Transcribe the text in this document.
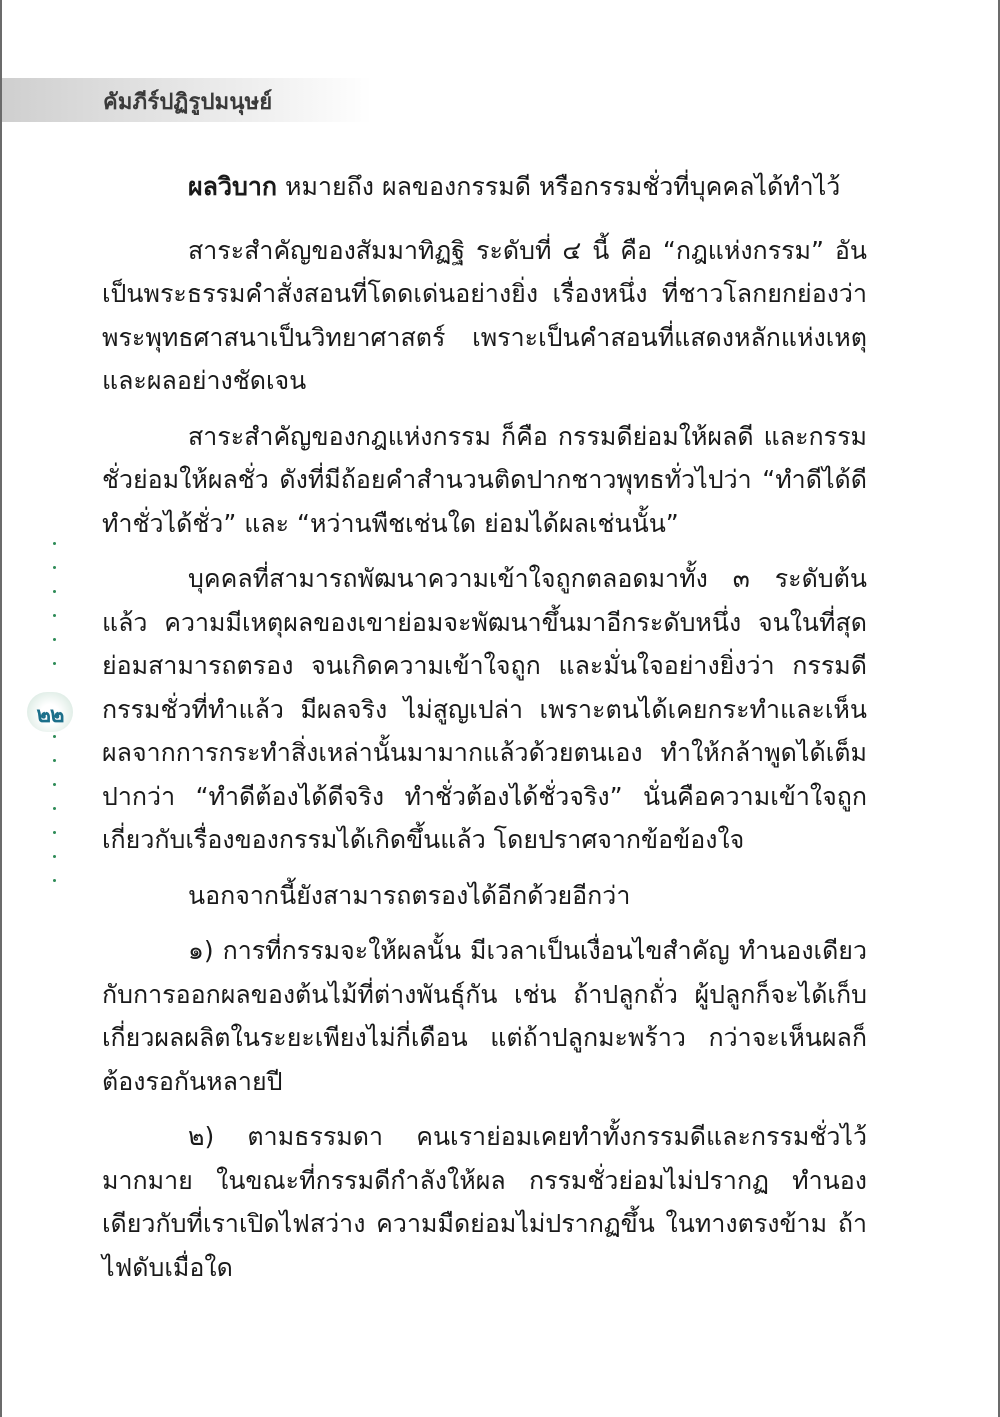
คัมภีร์ปฏิรูปมนุษย์
๒๒

ผลวิบาก หมายถึง ผลของกรรมดี หรือกรรมชั่วที่บุคคลได้ทำไว้

สาระสำคัญของสัมมาทิฏฐิ ระดับที่ ๔ นี้ คือ “กฎแห่งกรรม” อันเป็นพระธรรมคำสั่งสอนที่โดดเด่นอย่างยิ่ง เรื่องหนึ่ง ที่ชาวโลกยกย่องว่าพระพุทธศาสนาเป็นวิทยาศาสตร์ เพราะเป็นคำสอนที่แสดงหลักแห่งเหตุและผลอย่างชัดเจน

สาระสำคัญของกฎแห่งกรรม ก็คือ กรรมดีย่อมให้ผลดี และกรรมชั่วย่อมให้ผลชั่ว ดังที่มีถ้อยคำสำนวนติดปากชาวพุทธทั่วไปว่า “ทำดีได้ดี ทำชั่วได้ชั่ว” และ “หว่านพืชเช่นใด ย่อมได้ผลเช่นนั้น”

บุคคลที่สามารถพัฒนาความเข้าใจถูกตลอดมาทั้ง ๓ ระดับต้นแล้ว ความมีเหตุผลของเขาย่อมจะพัฒนาขึ้นมาอีกระดับหนึ่ง จนในที่สุดย่อมสามารถตรอง จนเกิดความเข้าใจถูก และมั่นใจอย่างยิ่งว่า กรรมดี กรรมชั่วที่ทำแล้ว มีผลจริง ไม่สูญเปล่า เพราะตนได้เคยกระทำและเห็นผลจากการกระทำสิ่งเหล่านั้นมามากแล้วด้วยตนเอง ทำให้กล้าพูดได้เต็มปากว่า “ทำดีต้องได้ดีจริง ทำชั่วต้องได้ชั่วจริง” นั่นคือความเข้าใจถูกเกี่ยวกับเรื่องของกรรมได้เกิดขึ้นแล้ว โดยปราศจากข้อข้องใจ

นอกจากนี้ยังสามารถตรองได้อีกด้วยอีกว่า

๑) การที่กรรมจะให้ผลนั้น มีเวลาเป็นเงื่อนไขสำคัญ ทำนองเดียวกับการออกผลของต้นไม้ที่ต่างพันธุ์กัน เช่น ถ้าปลูกถั่ว ผู้ปลูกก็จะได้เก็บเกี่ยวผลผลิตในระยะเพียงไม่กี่เดือน แต่ถ้าปลูกมะพร้าว กว่าจะเห็นผลก็ต้องรอกันหลายปี

๒) ตามธรรมดา คนเราย่อมเคยทำทั้งกรรมดีและกรรมชั่วไว้มากมาย ในขณะที่กรรมดีกำลังให้ผล กรรมชั่วย่อมไม่ปรากฏ ทำนองเดียวกับที่เราเปิดไฟสว่าง ความมืดย่อมไม่ปรากฏขึ้น ในทางตรงข้าม ถ้าไฟดับเมื่อใด
